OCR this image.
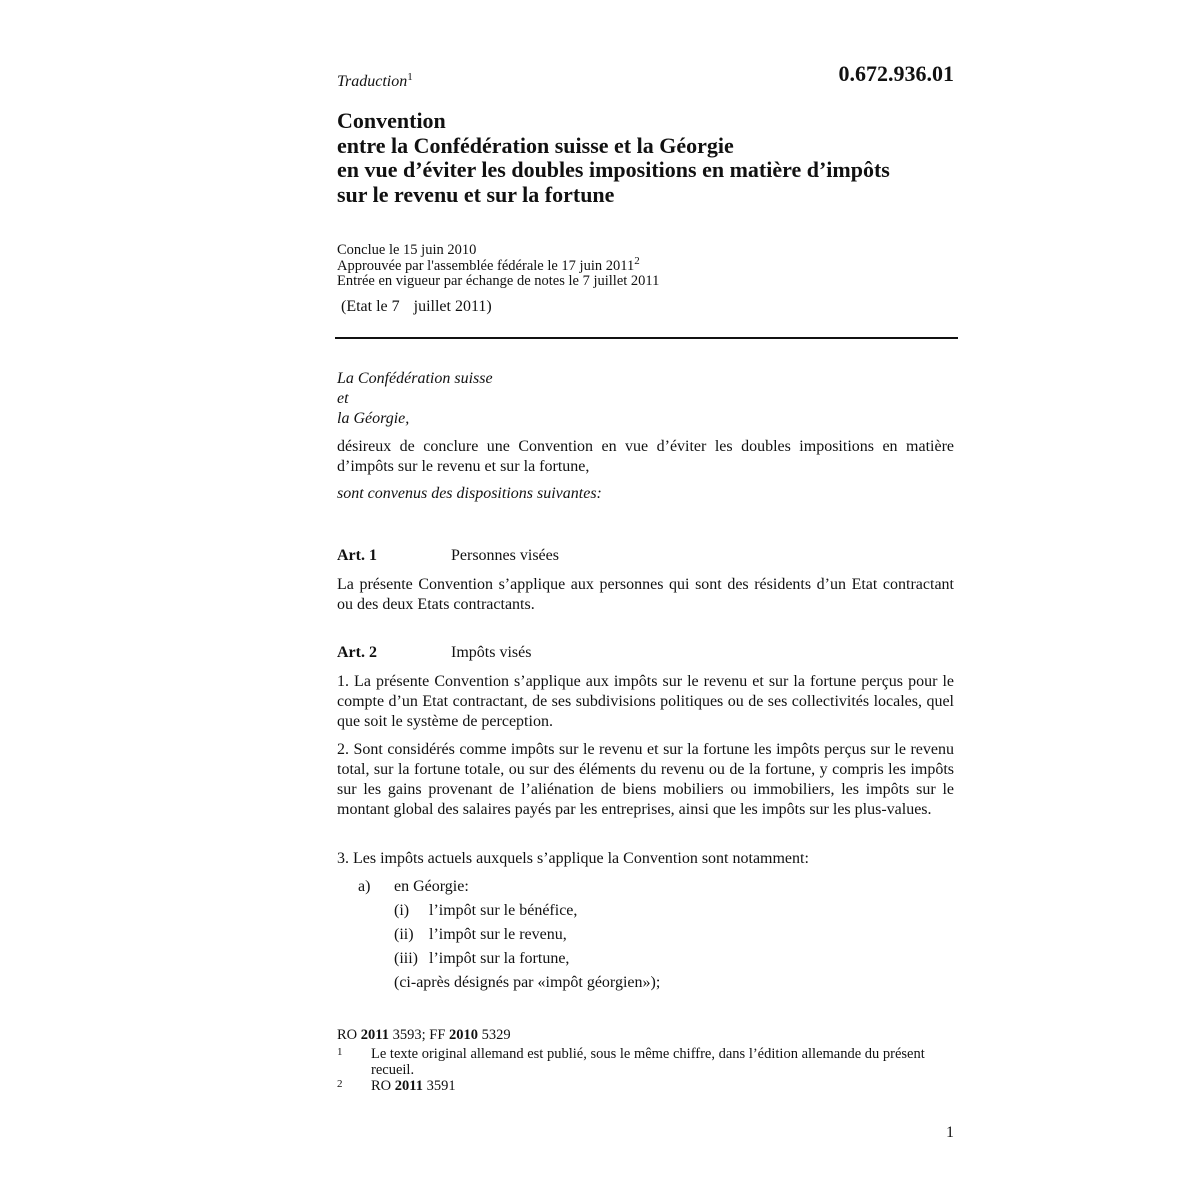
Traduction$^1$	0.672.936.01
Convention
entre la Confédération suisse et la Géorgie
en vue d’éviter les doubles impositions en matière d’impôts
sur le revenu et sur la fortune
Conclue le 15 juin 2010
Approuvée par l'assemblée fédérale le 17 juin 2011$^2$
Entrée en vigueur par échange de notes le 7 juillet 2011
(Etat le 7 juillet 2011)
La Confédération suisse
et
la Géorgie,
désireux de conclure une Convention en vue d’éviter les doubles impositions en matière d’impôts sur le revenu et sur la fortune,
sont convenus des dispositions suivantes:
Art. 1	Personnes visées
La présente Convention s’applique aux personnes qui sont des résidents d’un Etat contractant ou des deux Etats contractants.
Art. 2	Impôts visés
1. La présente Convention s’applique aux impôts sur le revenu et sur la fortune perçus pour le compte d’un Etat contractant, de ses subdivisions politiques ou de ses collectivités locales, quel que soit le système de perception.
2. Sont considérés comme impôts sur le revenu et sur la fortune les impôts perçus sur le revenu total, sur la fortune totale, ou sur des éléments du revenu ou de la fortune, y compris les impôts sur les gains provenant de l’aliénation de biens mobiliers ou immobiliers, les impôts sur le montant global des salaires payés par les entreprises, ainsi que les impôts sur les plus-values.
3. Les impôts actuels auxquels s’applique la Convention sont notamment:
a) en Géorgie:
(i) l’impôt sur le bénéfice,
(ii) l’impôt sur le revenu,
(iii) l’impôt sur la fortune,
(ci-après désignés par «impôt géorgien»);
RO 2011 3593; FF 2010 5329
1 Le texte original allemand est publié, sous le même chiffre, dans l’édition allemande du présent recueil.
2 RO 2011 3591
1
